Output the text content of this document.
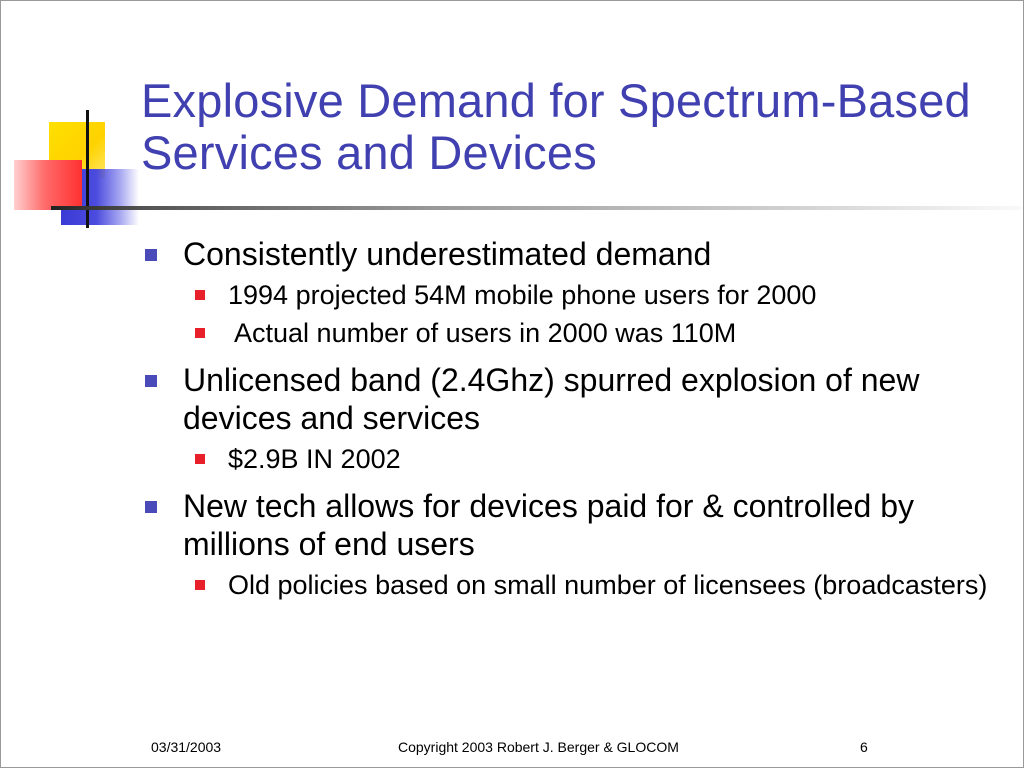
Explosive Demand for Spectrum-Based Services and Devices
Consistently underestimated demand
1994 projected 54M mobile phone users for 2000
Actual number of users in 2000 was 110M
Unlicensed band (2.4Ghz) spurred explosion of new devices and services
$2.9B IN 2002
New tech allows for devices paid for & controlled by millions of end users
Old policies based on small number of licensees (broadcasters)
03/31/2003	Copyright 2003 Robert J. Berger & GLOCOM	6
